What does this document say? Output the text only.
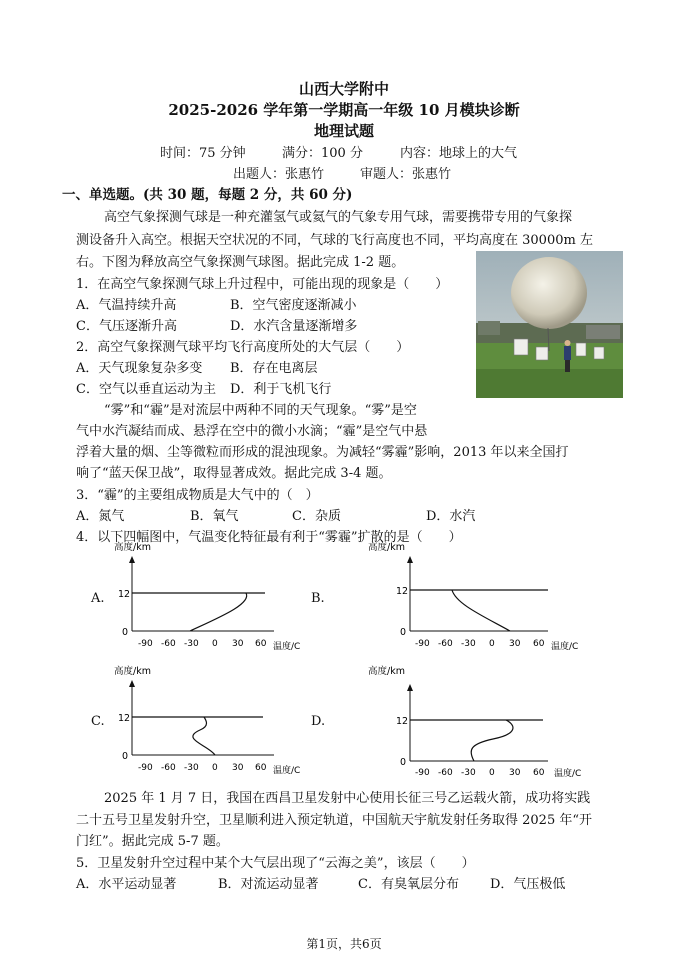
山西大学附中
2025-2026 学年第一学期高一年级 10 月模块诊断
地理试题
时间：75 分钟	满分：100 分	内容：地球上的大气
出题人：张惠竹	审题人：张惠竹
一、单选题。(共 30 题，每题 2 分，共 60 分)
高空气象探测气球是一种充灌氢气或氦气的气象专用气球，需要携带专用的气象探
测设备升入高空。根据天空状况的不同，气球的飞行高度也不同，平均高度在 30000m 左
右。下图为释放高空气象探测气球图。据此完成 1-2 题。
1．在高空气象探测气球上升过程中，可能出现的现象是（　　）
A．气温持续升高	B．空气密度逐渐减小
C．气压逐渐升高	D．水汽含量逐渐增多
2．高空气象探测气球平均飞行高度所处的大气层（　　）
A．天气现象复杂多变 B．存在电离层
C．空气以垂直运动为主 D．利于飞机飞行
“雾”和“霾”是对流层中两种不同的天气现象。“雾”是空
气中水汽凝结而成、悬浮在空中的微小水滴；“霾”是空气中悬
浮着大量的烟、尘等微粒而形成的混浊现象。为减轻“雾霾”影响，2013 年以来全国打
响了“蓝天保卫战”，取得显著成效。据此完成 3-4 题。
3．“霾”的主要组成物质是大气中的（　）
A．氮气	B．氧气	C．杂质	D．水汽
4．以下四幅图中，气温变化特征最有利于“雾霾”扩散的是（　　）
A.	B.
C.	D.
高度/km
12
0
-90 -60 -30 0 30 60 温度/C
高度/km
12
0
-90 -60 -30 0 30 60 温度/C
高度/km
12
0
-90 -60 -30 0 30 60 温度/C
高度/km
12
0
-90 -60 -30 0 30 60 温度/C
2025 年 1 月 7 日，我国在西昌卫星发射中心使用长征三号乙运载火箭，成功将实践
二十五号卫星发射升空，卫星顺利进入预定轨道，中国航天宇航发射任务取得 2025 年“开
门红”。据此完成 5-7 题。
5．卫星发射升空过程中某个大气层出现了“云海之美”，该层（　　）
A．水平运动显著	B．对流运动显著	C．有臭氧层分布 D．气压极低
第1页，共6页
